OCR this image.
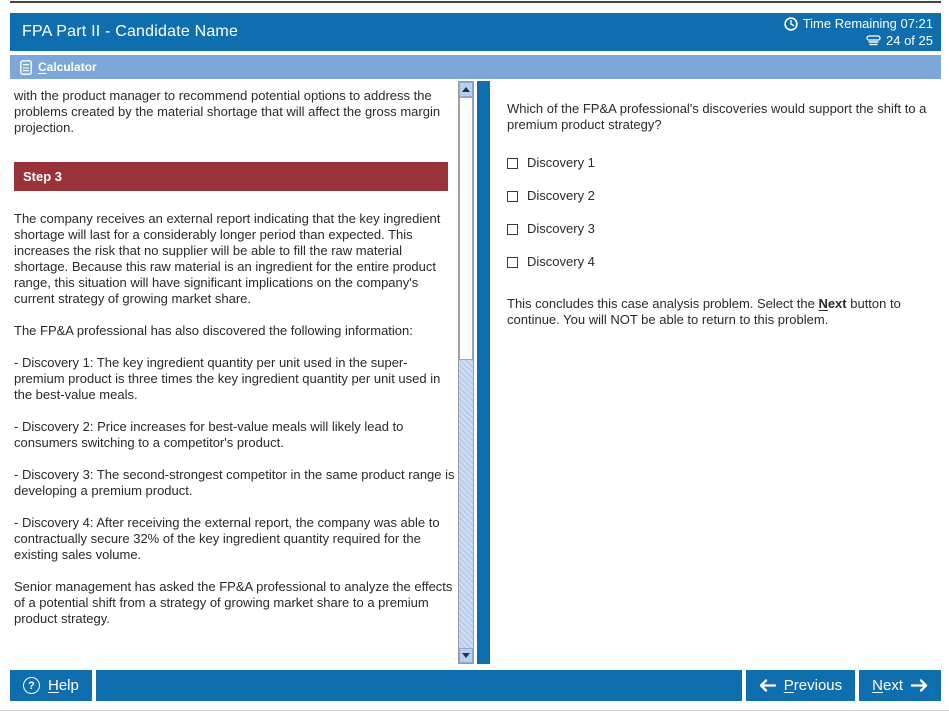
FPA Part II - Candidate Name	Time Remaining 07:21
24 of 25
Calculator

with the product manager to recommend potential options to address the problems created by the material shortage that will affect the gross margin projection.

Step 3

The company receives an external report indicating that the key ingredient shortage will last for a considerably longer period than expected. This increases the risk that no supplier will be able to fill the raw material shortage. Because this raw material is an ingredient for the entire product range, this situation will have significant implications on the company's current strategy of growing market share.

The FP&A professional has also discovered the following information:

- Discovery 1: The key ingredient quantity per unit used in the super-premium product is three times the key ingredient quantity per unit used in the best-value meals.

- Discovery 2: Price increases for best-value meals will likely lead to consumers switching to a competitor's product.

- Discovery 3: The second-strongest competitor in the same product range is developing a premium product.

- Discovery 4: After receiving the external report, the company was able to contractually secure 32% of the key ingredient quantity required for the existing sales volume.

Senior management has asked the FP&A professional to analyze the effects of a potential shift from a strategy of growing market share to a premium product strategy.

Which of the FP&A professional's discoveries would support the shift to a premium product strategy?

Discovery 1
Discovery 2
Discovery 3
Discovery 4

This concludes this case analysis problem. Select the Next button to continue. You will NOT be able to return to this problem.

? Help	Previous Next
